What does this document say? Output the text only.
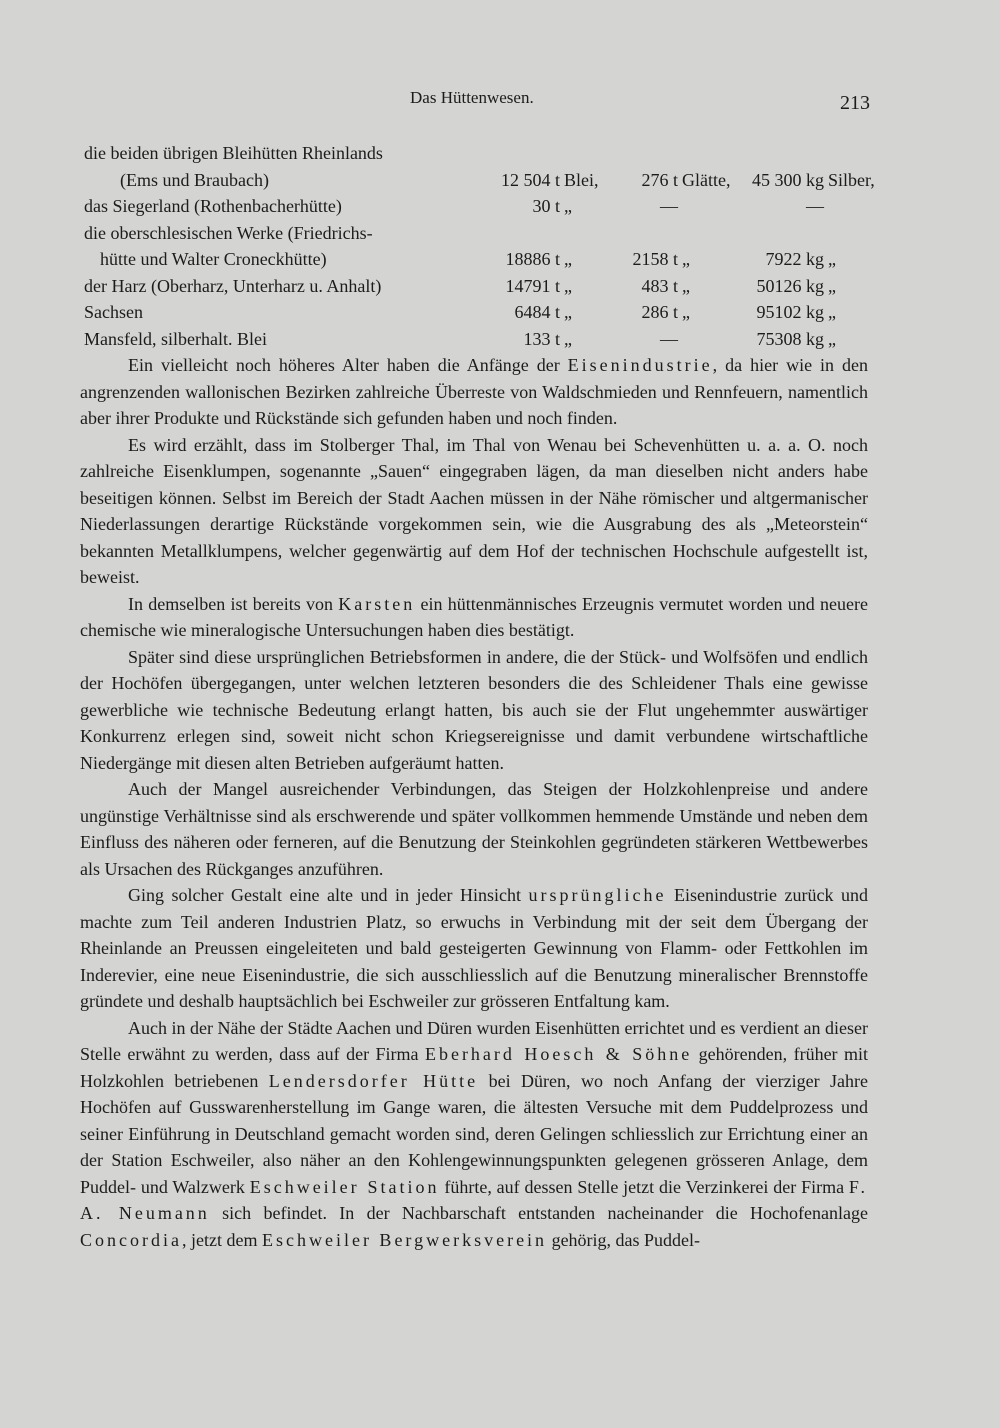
Das Hüttenwesen.	213
die beiden übrigen Bleihütten Rheinlands
(Ems und Braubach)	12 504 t Blei,	276 t Glätte,	45 300 kg Silber,
das Siegerland (Rothenbacherhütte)	30 t „	—	—
die oberschlesischen Werke (Friedrichs-
hütte und Walter Croneckhütte)	18886 t „	2158 t „	7922 kg „
der Harz (Oberharz, Unterharz u. Anhalt)	14791 t „	483 t „	50126 kg „
Sachsen	6484 t „	286 t „	95102 kg „
Mansfeld, silberhalt. Blei	133 t „	—	75308 kg „

Ein vielleicht noch höheres Alter haben die Anfänge der Eisenindustrie, da hier wie in den angrenzenden wallonischen Bezirken zahlreiche Überreste von Waldschmieden und Rennfeuern, namentlich aber ihrer Produkte und Rückstände sich gefunden haben und noch finden.

Es wird erzählt, dass im Stolberger Thal, im Thal von Wenau bei Schevenhütten u. a. a. O. noch zahlreiche Eisenklumpen, sogenannte „Sauen“ eingegraben lägen, da man dieselben nicht anders habe beseitigen können. Selbst im Bereich der Stadt Aachen müssen in der Nähe römischer und altgermanischer Niederlassungen derartige Rückstände vorgekommen sein, wie die Ausgrabung des als „Meteorstein“ bekannten Metallklumpens, welcher gegenwärtig auf dem Hof der technischen Hochschule aufgestellt ist, beweist.

In demselben ist bereits von Karsten ein hüttenmännisches Erzeugnis vermutet worden und neuere chemische wie mineralogische Untersuchungen haben dies bestätigt.

Später sind diese ursprünglichen Betriebsformen in andere, die der Stück- und Wolfsöfen und endlich der Hochöfen übergegangen, unter welchen letzteren besonders die des Schleidener Thals eine gewisse gewerbliche wie technische Bedeutung erlangt hatten, bis auch sie der Flut ungehemmter auswärtiger Konkurrenz erlegen sind, soweit nicht schon Kriegsereignisse und damit verbundene wirtschaftliche Niedergänge mit diesen alten Betrieben aufgeräumt hatten.

Auch der Mangel ausreichender Verbindungen, das Steigen der Holzkohlenpreise und andere ungünstige Verhältnisse sind als erschwerende und später vollkommen hemmende Umstände und neben dem Einfluss des näheren oder ferneren, auf die Benutzung der Steinkohlen gegründeten stärkeren Wettbewerbes als Ursachen des Rückganges anzuführen.

Ging solcher Gestalt eine alte und in jeder Hinsicht ursprüngliche Eisenindustrie zurück und machte zum Teil anderen Industrien Platz, so erwuchs in Verbindung mit der seit dem Übergang der Rheinlande an Preussen eingeleiteten und bald gesteigerten Gewinnung von Flamm- oder Fettkohlen im Inderevier, eine neue Eisenindustrie, die sich ausschliesslich auf die Benutzung mineralischer Brennstoffe gründete und deshalb hauptsächlich bei Eschweiler zur grösseren Entfaltung kam.

Auch in der Nähe der Städte Aachen und Düren wurden Eisenhütten errichtet und es verdient an dieser Stelle erwähnt zu werden, dass auf der Firma Eberhard Hoesch & Söhne gehörenden, früher mit Holzkohlen betriebenen Lendersdorfer Hütte bei Düren, wo noch Anfang der vierziger Jahre Hochöfen auf Gusswarenherstellung im Gange waren, die ältesten Versuche mit dem Puddelprozess und seiner Einführung in Deutschland gemacht worden sind, deren Gelingen schliesslich zur Errichtung einer an der Station Eschweiler, also näher an den Kohlengewinnungspunkten gelegenen grösseren Anlage, dem Puddel- und Walzwerk Eschweiler Station führte, auf dessen Stelle jetzt die Verzinkerei der Firma F. A. Neumann sich befindet. In der Nachbarschaft entstanden nacheinander die Hochofenanlage Concordia, jetzt dem Eschweiler Bergwerksverein gehörig, das Puddel-
